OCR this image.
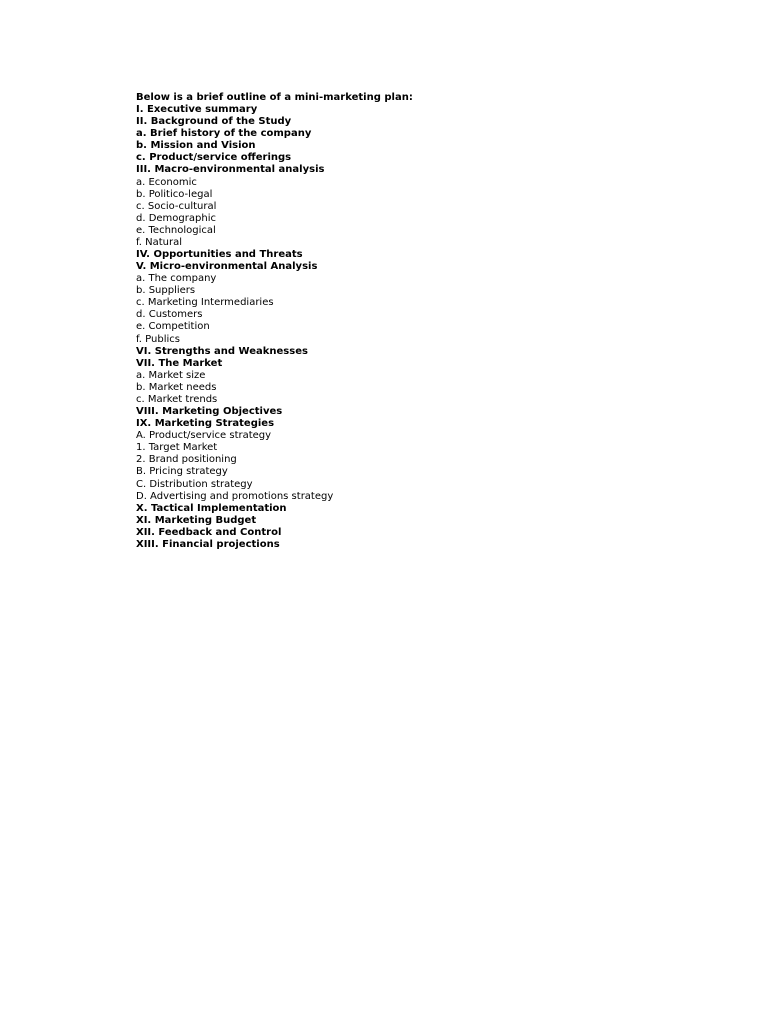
Below is a brief outline of a mini-marketing plan:
I. Executive summary
II. Background of the Study
a. Brief history of the company
b. Mission and Vision
c. Product/service offerings
III. Macro-environmental analysis
a. Economic
b. Politico-legal
c. Socio-cultural
d. Demographic
e. Technological
f. Natural
IV. Opportunities and Threats
V. Micro-environmental Analysis
a. The company
b. Suppliers
c. Marketing Intermediaries
d. Customers
e. Competition
f. Publics
VI. Strengths and Weaknesses
VII. The Market
a. Market size
b. Market needs
c. Market trends
VIII. Marketing Objectives
IX. Marketing Strategies
A. Product/service strategy
1. Target Market
2. Brand positioning
B. Pricing strategy
C. Distribution strategy
D. Advertising and promotions strategy
X. Tactical Implementation
XI. Marketing Budget
XII. Feedback and Control
XIII. Financial projections
